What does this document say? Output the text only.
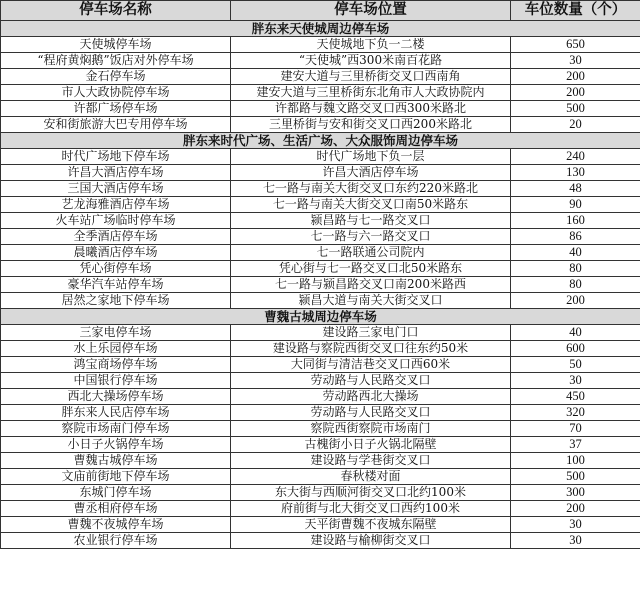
停车场名称	停车场位置	车位数量（个）
胖东来天使城周边停车场		
天使城停车场	天使城地下负一二楼	650
“程府黄焖鹅”饭店对外停车场	“天使城”西300米南百花路	30
金石停车场	建安大道与三里桥街交叉口西南角	200
市人大政协院停车场	建安大道与三里桥街东北角市人大政协院内	200
许都广场停车场	许都路与魏文路交叉口西300米路北	500
安和街旅游大巴专用停车场	三里桥街与安和街交叉口西200米路北	20
胖东来时代广场、生活广场、大众服饰周边停车场		
时代广场地下停车场	时代广场地下负一层	240
许昌大酒店停车场	许昌大酒店停车场	130
三国大酒店停车场	七一路与南关大街交叉口东约220米路北	48
艺龙海雅酒店停车场	七一路与南关大街交叉口南50米路东	90
火车站广场临时停车场	颍昌路与七一路交叉口	160
全季酒店停车场	七一路与六一路交叉口	86
晨曦酒店停车场	七一路联通公司院内	40
凭心街停车场	凭心街与七一路交叉口北50米路东	80
豪华汽车站停车场	七一路与颍昌路交叉口南200米路西	80
居然之家地下停车场	颍昌大道与南关大街交叉口	200
曹魏古城周边停车场		
三家电停车场	建设路三家电门口	40
水上乐园停车场	建设路与察院西街交叉口往东约50米	600
鸿宝商场停车场	大同街与清洁巷交叉口西60米	50
中国银行停车场	劳动路与人民路交叉口	30
西北大操场停车场	劳动路西北大操场	450
胖东来人民店停车场	劳动路与人民路交叉口	320
察院市场南门停车场	察院西街察院市场南门	70
小日子火锅停车场	古槐街小日子火锅北隔壁	37
曹魏古城停车场	建设路与学巷街交叉口	100
文庙前街地下停车场	春秋楼对面	500
东城门停车场	东大街与西顺河街交叉口北约100米	300
曹丞相府停车场	府前街与北大街交叉口西约100米	200
曹魏不夜城停车场	天平街曹魏不夜城东隔壁	30
农业银行停车场	建设路与榆柳街交叉口	30
